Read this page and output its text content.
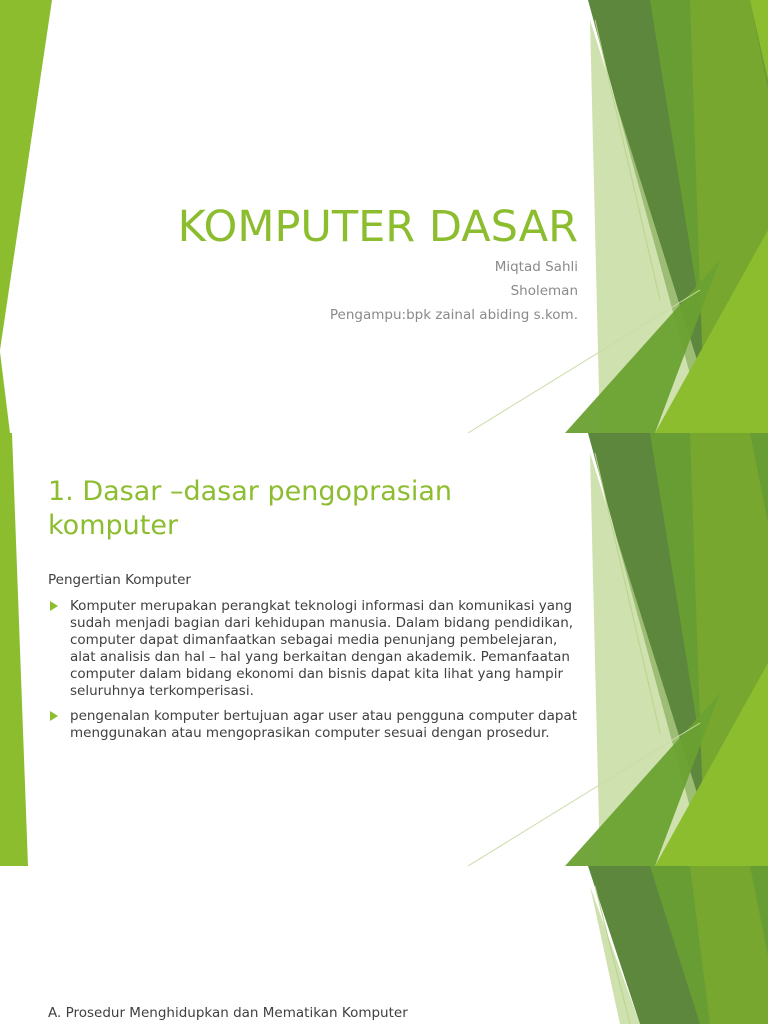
KOMPUTER DASAR
Miqtad Sahli
Sholeman
Pengampu:bpk zainal abiding s.kom.
1. Dasar –dasar pengoprasian komputer
Pengertian Komputer
Komputer merupakan perangkat teknologi informasi dan komunikasi yang sudah menjadi bagian dari kehidupan manusia. Dalam bidang pendidikan, computer dapat dimanfaatkan sebagai media penunjang pembelejaran, alat analisis dan hal – hal yang berkaitan dengan akademik. Pemanfaatan computer dalam bidang ekonomi dan bisnis dapat kita lihat yang hampir seluruhnya terkomperisasi.
pengenalan komputer bertujuan agar user atau pengguna computer dapat menggunakan atau mengoprasikan computer sesuai dengan prosedur.
A. Prosedur Menghidupkan dan Mematikan Komputer
